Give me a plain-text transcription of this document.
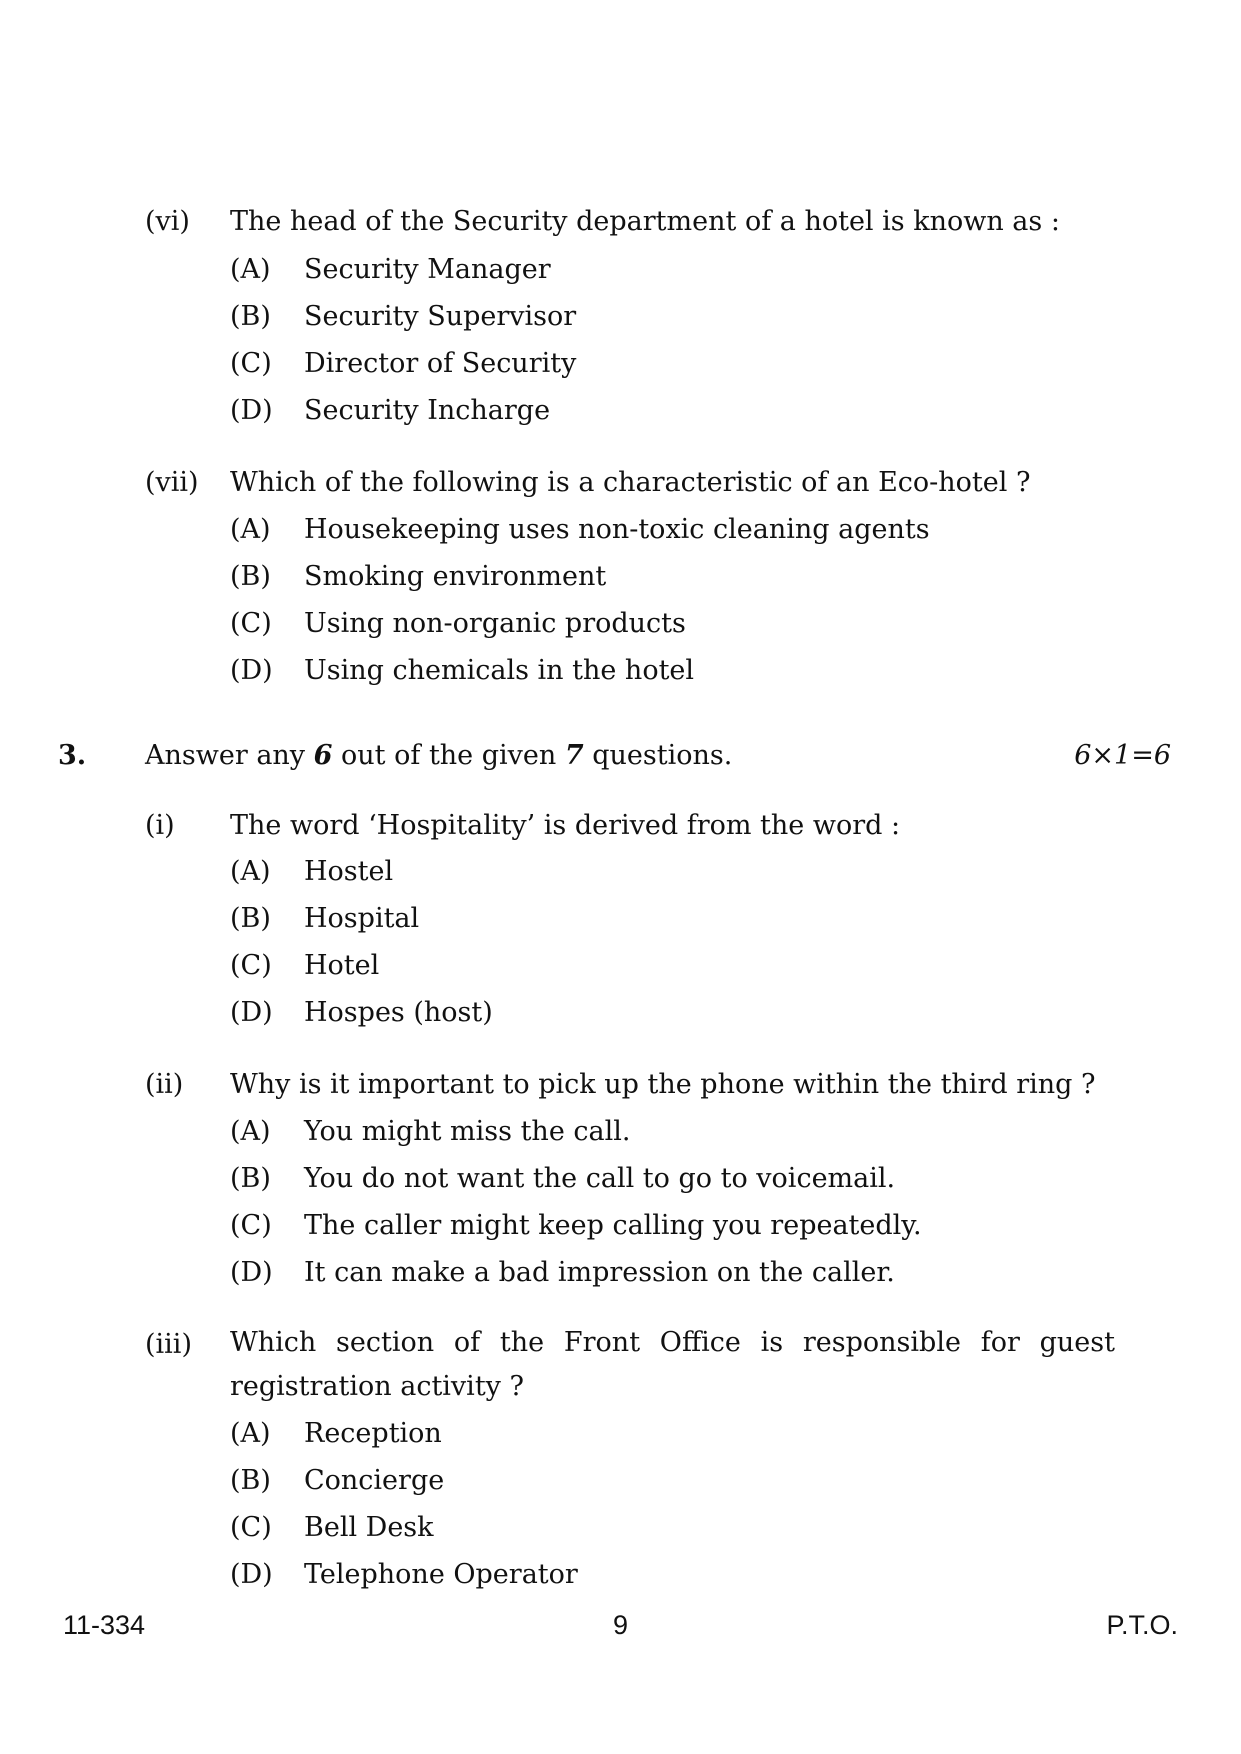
(vi) The head of the Security department of a hotel is known as :
(A) Security Manager
(B) Security Supervisor
(C) Director of Security
(D) Security Incharge
(vii) Which of the following is a characteristic of an Eco-hotel ?
(A) Housekeeping uses non-toxic cleaning agents
(B) Smoking environment
(C) Using non-organic products
(D) Using chemicals in the hotel
3. Answer any 6 out of the given 7 questions.	6×1=6
(i) The word ‘Hospitality’ is derived from the word :
(A) Hostel
(B) Hospital
(C) Hotel
(D) Hospes (host)
(ii) Why is it important to pick up the phone within the third ring ?
(A) You might miss the call.
(B) You do not want the call to go to voicemail.
(C) The caller might keep calling you repeatedly.
(D) It can make a bad impression on the caller.
(iii) Which section of the Front Office is responsible for guest
registration activity ?
(A) Reception
(B) Concierge
(C) Bell Desk
(D) Telephone Operator
11-334	9	P.T.O.
